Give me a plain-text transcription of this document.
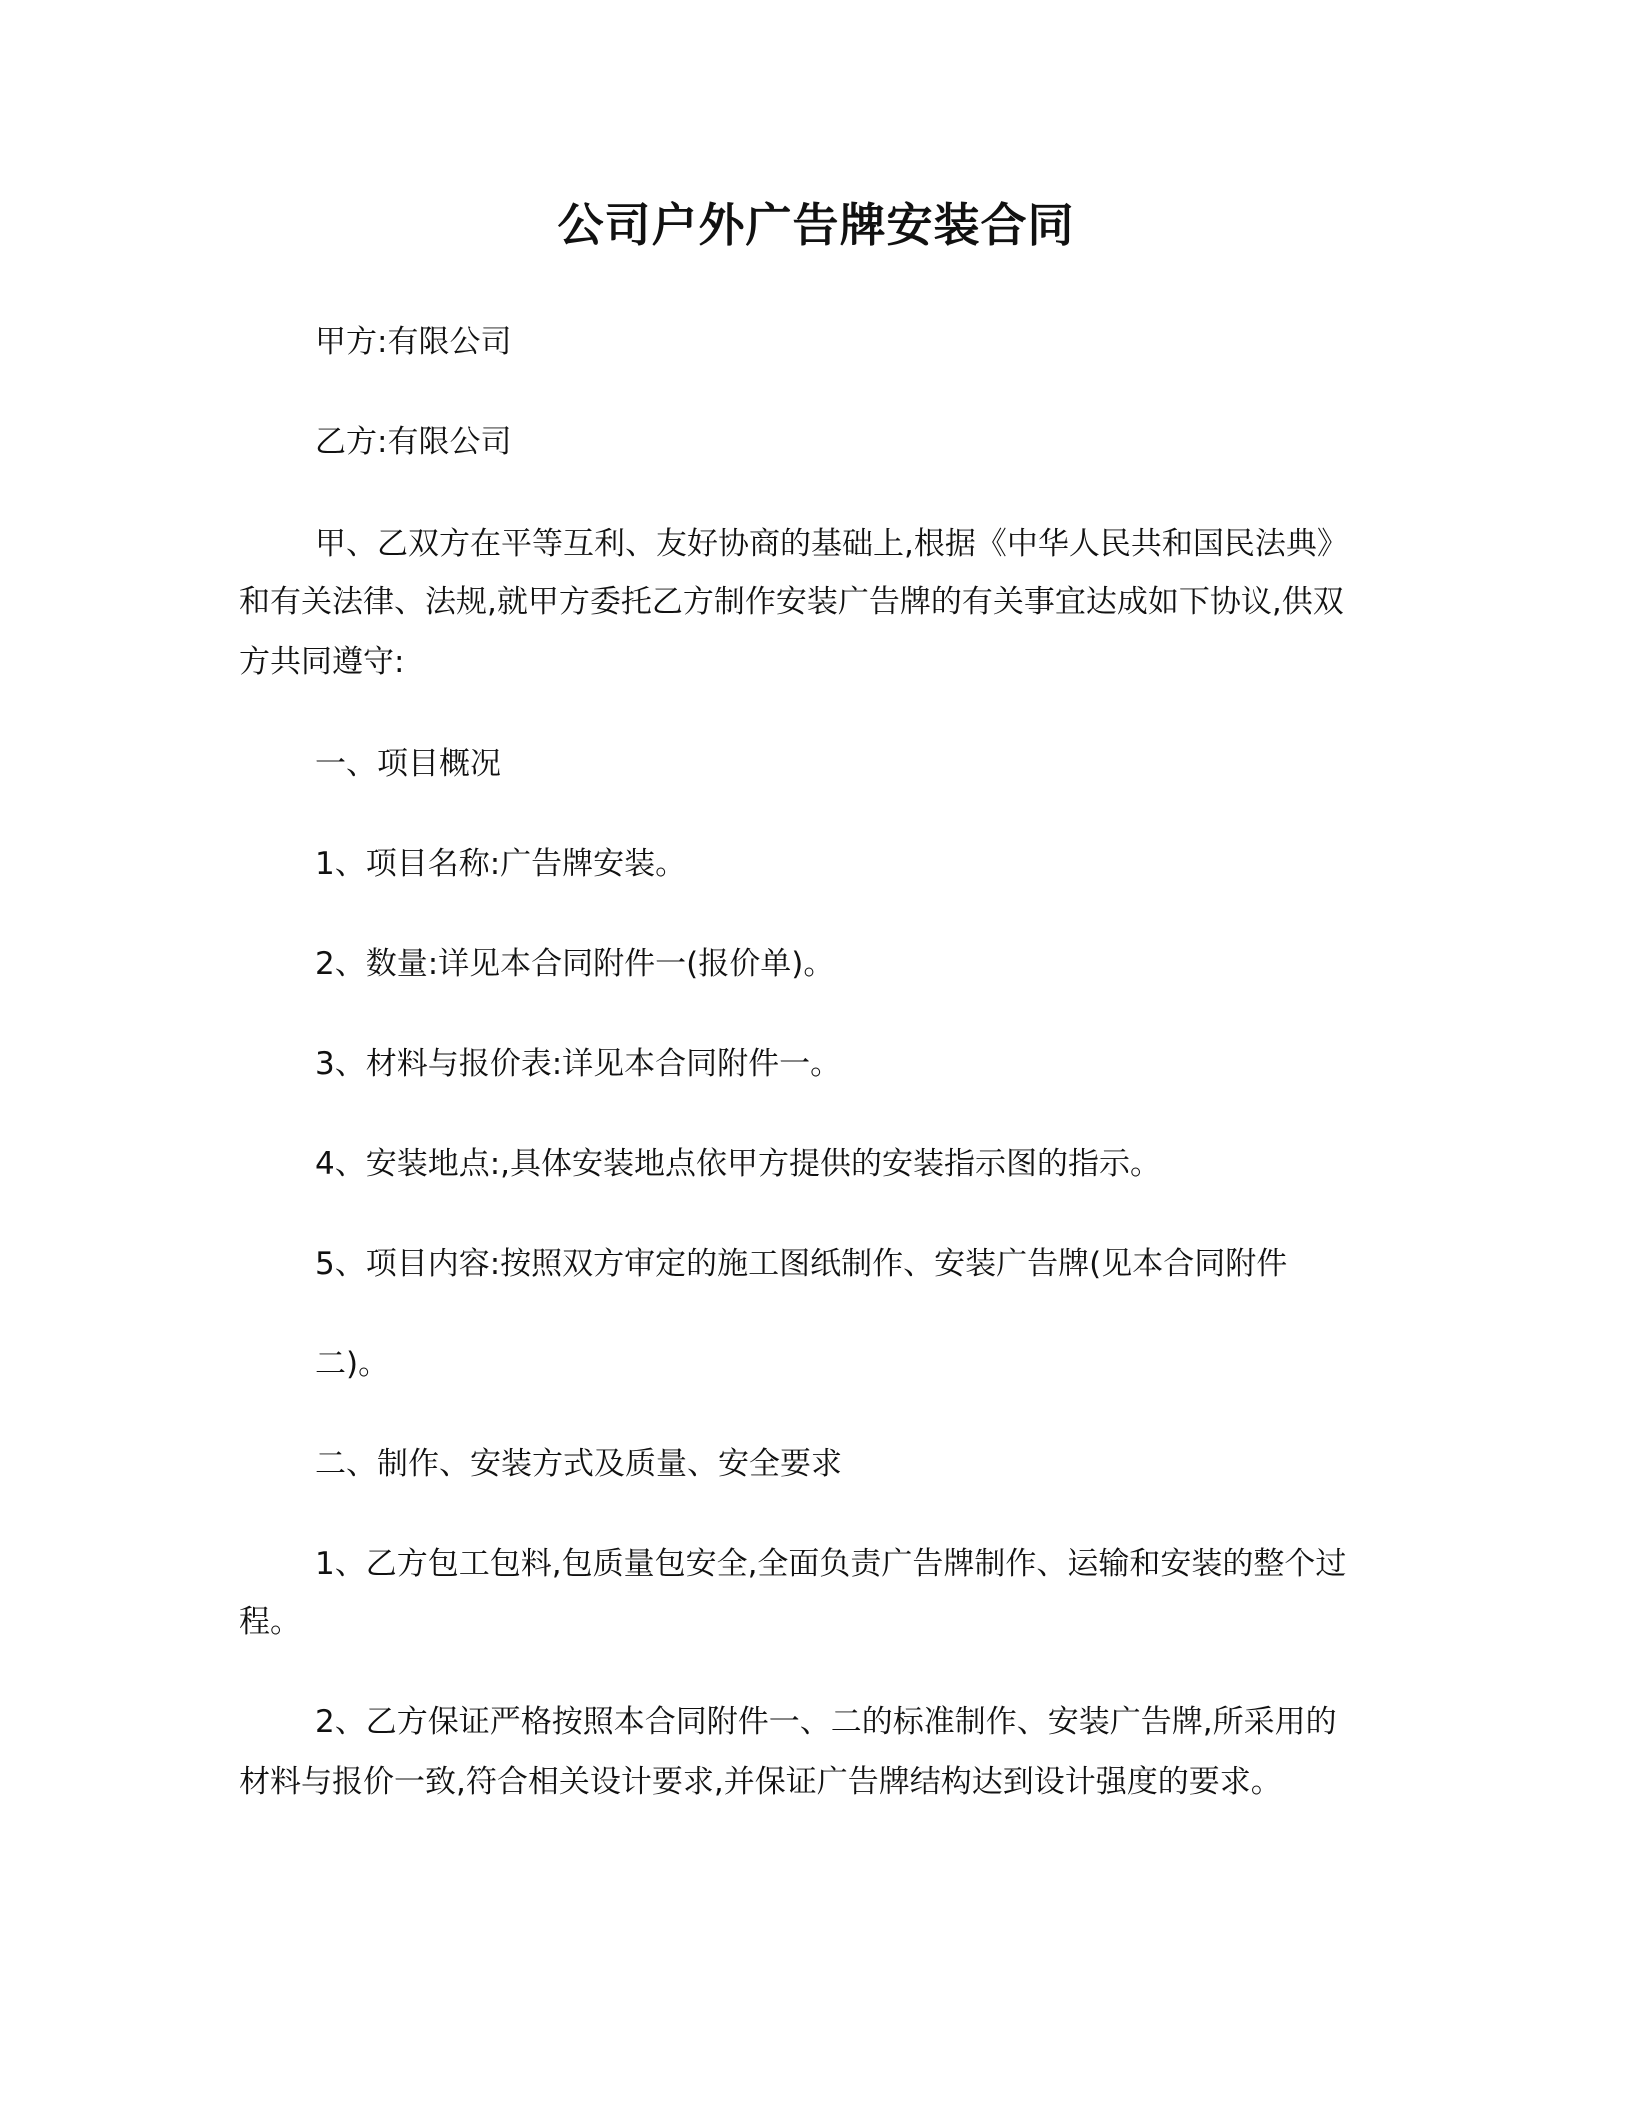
公司户外广告牌安装合同
甲方:有限公司
乙方:有限公司
甲、乙双方在平等互利、友好协商的基础上,根据《中华人民共和国民法典》
和有关法律、法规,就甲方委托乙方制作安装广告牌的有关事宜达成如下协议,供双
方共同遵守:
一、项目概况
1、项目名称:广告牌安装。
2、数量:详见本合同附件一(报价单)。
3、材料与报价表:详见本合同附件一。
4、安装地点:,具体安装地点依甲方提供的安装指示图的指示。
5、项目内容:按照双方审定的施工图纸制作、安装广告牌(见本合同附件
二)。
二、制作、安装方式及质量、安全要求
1、乙方包工包料,包质量包安全,全面负责广告牌制作、运输和安装的整个过
程。
2、乙方保证严格按照本合同附件一、二的标准制作、安装广告牌,所采用的
材料与报价一致,符合相关设计要求,并保证广告牌结构达到设计强度的要求。
